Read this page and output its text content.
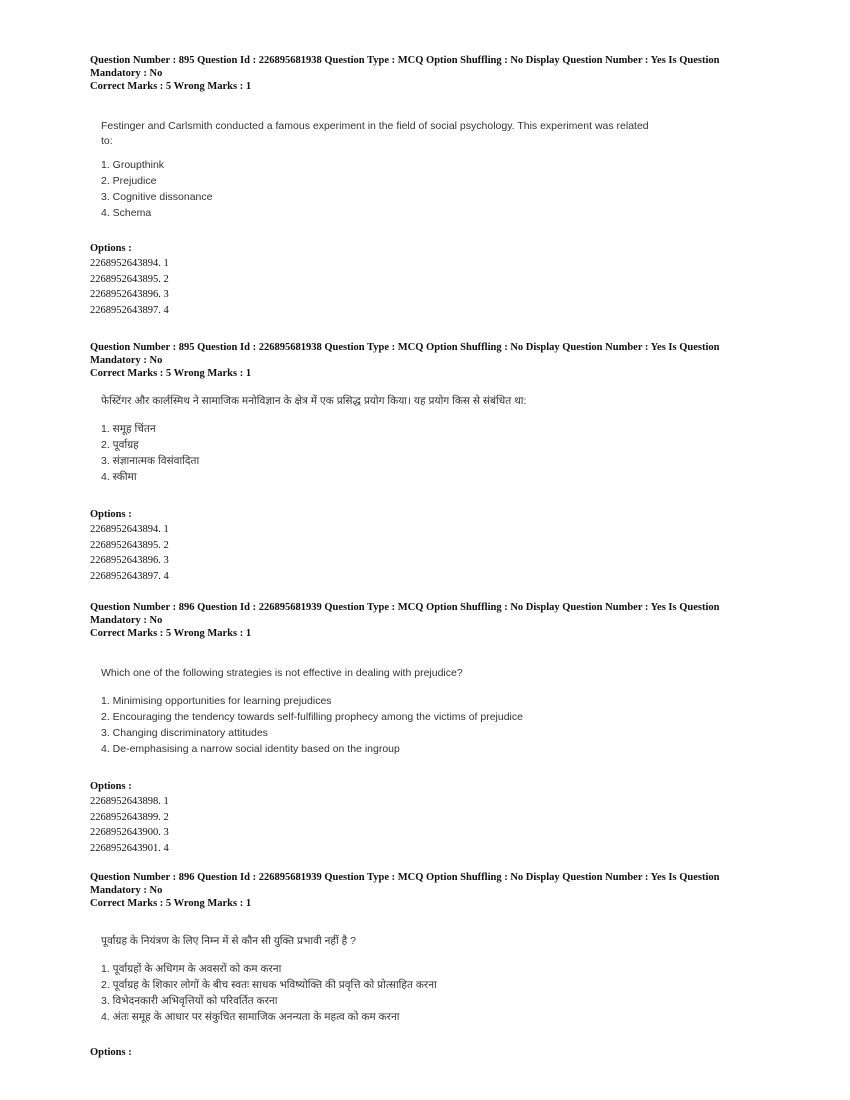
Question Number : 895 Question Id : 226895681938 Question Type : MCQ Option Shuffling : No Display Question Number : Yes Is Question
Mandatory : No
Correct Marks : 5 Wrong Marks : 1
Festinger and Carlsmith conducted a famous experiment in the field of social psychology. This experiment was related
to:
1. Groupthink
2. Prejudice
3. Cognitive dissonance
4. Schema
Options :
2268952643894. 1
2268952643895. 2
2268952643896. 3
2268952643897. 4
Question Number : 895 Question Id : 226895681938 Question Type : MCQ Option Shuffling : No Display Question Number : Yes Is Question
Mandatory : No
Correct Marks : 5 Wrong Marks : 1
फेस्टिंगर और कार्लस्मिथ ने सामाजिक मनोविज्ञान के क्षेत्र में एक प्रसिद्ध प्रयोग किया। यह प्रयोग किस से संबंधित था:
1. समूह चिंतन
2. पूर्वाग्रह
3. संज्ञानात्मक विसंवादिता
4. स्कीमा
Options :
2268952643894. 1
2268952643895. 2
2268952643896. 3
2268952643897. 4
Question Number : 896 Question Id : 226895681939 Question Type : MCQ Option Shuffling : No Display Question Number : Yes Is Question
Mandatory : No
Correct Marks : 5 Wrong Marks : 1
Which one of the following strategies is not effective in dealing with prejudice?
1. Minimising opportunities for learning prejudices
2. Encouraging the tendency towards self-fulfilling prophecy among the victims of prejudice
3. Changing discriminatory attitudes
4. De-emphasising a narrow social identity based on the ingroup
Options :
2268952643898. 1
2268952643899. 2
2268952643900. 3
2268952643901. 4
Question Number : 896 Question Id : 226895681939 Question Type : MCQ Option Shuffling : No Display Question Number : Yes Is Question
Mandatory : No
Correct Marks : 5 Wrong Marks : 1
पूर्वाग्रह के नियंत्रण के लिए निम्न में से कौन सी युक्ति प्रभावी नहीं है ?
1. पूर्वाग्रहों के अधिगम के अवसरों को कम करना
2. पूर्वाग्रह के शिकार लोगों के बीच स्वतः साधक भविष्योक्ति की प्रवृत्ति को प्रोत्साहित करना
3. विभेदनकारी अभिवृत्तियों को परिवर्तित करना
4. अंतः समूह के आधार पर संकुचित सामाजिक अनन्यता के महत्व को कम करना
Options :
